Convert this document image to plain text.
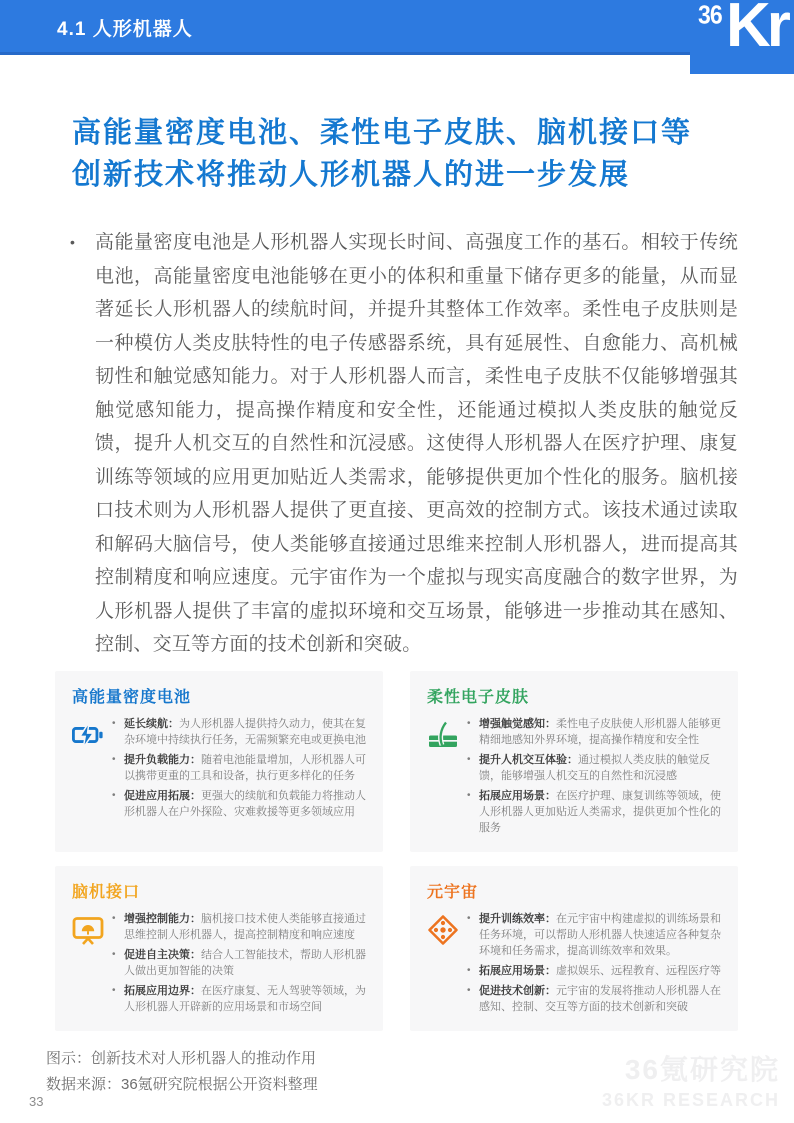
4.1 人形机器人	36 Kr
高能量密度电池、柔性电子皮肤、脑机接口等
创新技术将推动人形机器人的进一步发展
•	高能量密度电池是人形机器人实现长时间、高强度工作的基石。相较于传统电池，高能量密度电池能够在更小的体积和重量下储存更多的能量，从而显著延长人形机器人的续航时间，并提升其整体工作效率。柔性电子皮肤则是一种模仿人类皮肤特性的电子传感器系统，具有延展性、自愈能力、高机械韧性和触觉感知能力。对于人形机器人而言，柔性电子皮肤不仅能够增强其触觉感知能力，提高操作精度和安全性，还能通过模拟人类皮肤的触觉反馈，提升人机交互的自然性和沉浸感。这使得人形机器人在医疗护理、康复训练等领域的应用更加贴近人类需求，能够提供更加个性化的服务。脑机接口技术则为人形机器人提供了更直接、更高效的控制方式。该技术通过读取和解码大脑信号，使人类能够直接通过思维来控制人形机器人，进而提高其控制精度和响应速度。元宇宙作为一个虚拟与现实高度融合的数字世界，为人形机器人提供了丰富的虚拟环境和交互场景，能够进一步推动其在感知、控制、交互等方面的技术创新和突破。

高能量密度电池
• 延长续航：为人形机器人提供持久动力，使其在复杂环境中持续执行任务，无需频繁充电或更换电池
• 提升负载能力：随着电池能量增加，人形机器人可以携带更重的工具和设备，执行更多样化的任务
• 促进应用拓展：更强大的续航和负载能力将推动人形机器人在户外探险、灾难救援等更多领域应用
柔性电子皮肤
• 增强触觉感知：柔性电子皮肤使人形机器人能够更精细地感知外界环境，提高操作精度和安全性
• 提升人机交互体验：通过模拟人类皮肤的触觉反馈，能够增强人机交互的自然性和沉浸感
• 拓展应用场景：在医疗护理、康复训练等领域，使人形机器人更加贴近人类需求，提供更加个性化的服务
脑机接口
• 增强控制能力：脑机接口技术使人类能够直接通过思维控制人形机器人，提高控制精度和响应速度
• 促进自主决策：结合人工智能技术，帮助人形机器人做出更加智能的决策
• 拓展应用边界：在医疗康复、无人驾驶等领域，为人形机器人开辟新的应用场景和市场空间
元宇宙
• 提升训练效率：在元宇宙中构建虚拟的训练场景和任务环境，可以帮助人形机器人快速适应各种复杂环境和任务需求，提高训练效率和效果。
• 拓展应用场景：虚拟娱乐、远程教育、远程医疗等
• 促进技术创新：元宇宙的发展将推动人形机器人在感知、控制、交互等方面的技术创新和突破

图示：创新技术对人形机器人的推动作用

数据来源：36氪研究院根据公开资料整理	36氪研究院
36KR RESEARCH
33
